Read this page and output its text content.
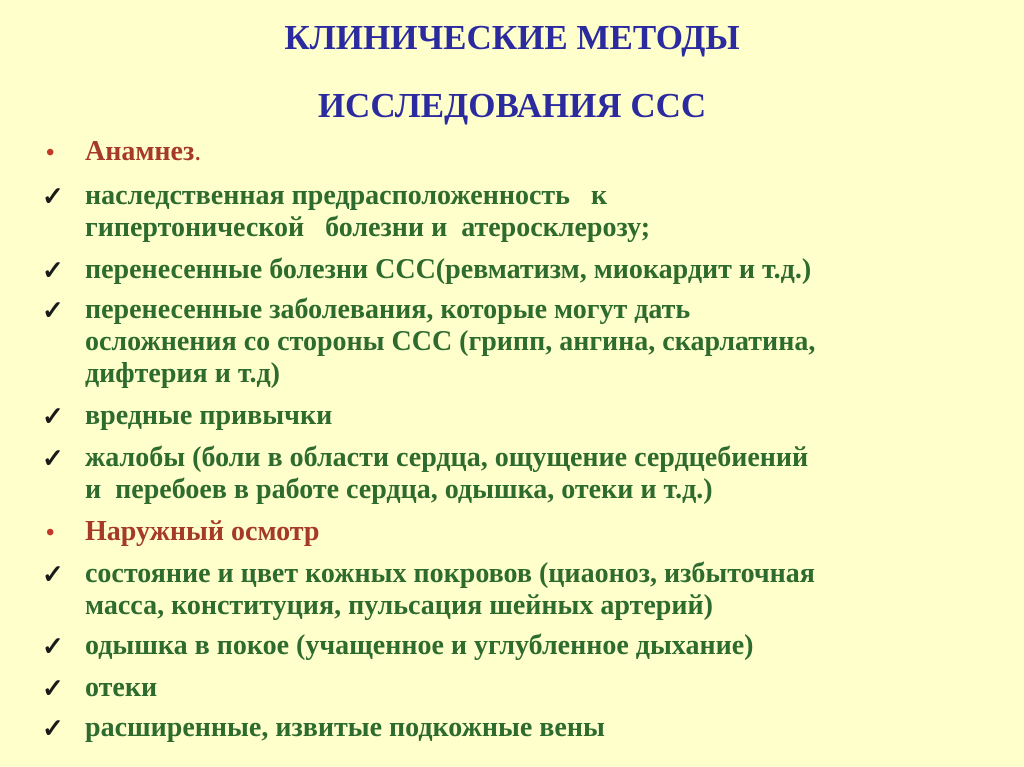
КЛИНИЧЕСКИЕ МЕТОДЫ
ИССЛЕДОВАНИЯ ССС
•	Анамнез.
✓ наследственная предрасположенность   к
гипертонической   болезни и  атеросклерозу;
✓ перенесенные болезни ССС(ревматизм, миокардит и т.д.)
✓ перенесенные заболевания, которые могут дать
осложнения со стороны ССС (грипп, ангина, скарлатина,
дифтерия и т.д)
✓ вредные привычки
✓ жалобы (боли в области сердца, ощущение сердцебиений
и  перебоев в работе сердца, одышка, отеки и т.д.)
•	Наружный осмотр
✓ состояние и цвет кожных покровов (циаоноз, избыточная
масса, конституция, пульсация шейных артерий)
✓ одышка в покое (учащенное и углубленное дыхание)
✓ отеки
✓ расширенные, извитые подкожные вены
